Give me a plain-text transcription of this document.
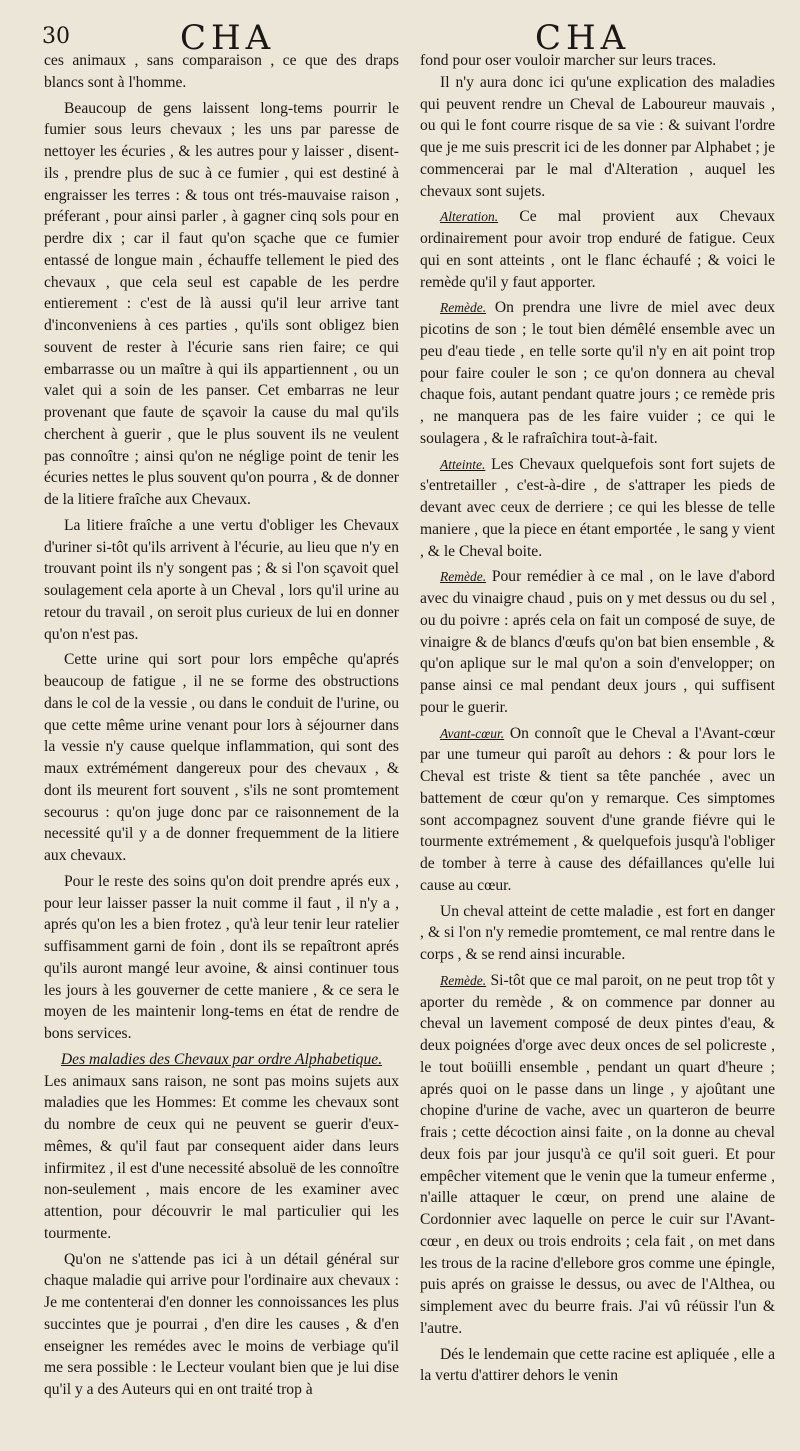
30	CHA	CHA

ces animaux , sans comparaison , ce que des draps blancs sont à l'homme.

Beaucoup de gens laissent long-tems pourrir le fumier sous leurs chevaux ; les uns par paresse de nettoyer les écuries , & les autres pour y laisser , disent-ils , prendre plus de suc à ce fumier , qui est destiné à engraisser les terres : & tous ont trés-mauvaise raison , préferant , pour ainsi parler , à gagner cinq sols pour en perdre dix ; car il faut qu'on sçache que ce fumier entassé de longue main , échauffe tellement le pied des chevaux , que cela seul est capable de les perdre entierement : c'est de là aussi qu'il leur arrive tant d'inconveniens à ces parties , qu'ils sont obligez bien souvent de rester à l'écurie sans rien faire; ce qui embarrasse ou un maître à qui ils appartiennent , ou un valet qui a soin de les panser. Cet embarras ne leur provenant que faute de sçavoir la cause du mal qu'ils cherchent à guerir , que le plus souvent ils ne veulent pas connoître ; ainsi qu'on ne néglige point de tenir les écuries nettes le plus souvent qu'on pourra , & de donner de la litiere fraîche aux Chevaux.

La litiere fraîche a une vertu d'obliger les Chevaux d'uriner si-tôt qu'ils arrivent à l'écurie, au lieu que n'y en trouvant point ils n'y songent pas ; & si l'on sçavoit quel soulagement cela aporte à un Cheval , lors qu'il urine au retour du travail , on seroit plus curieux de lui en donner qu'on n'est pas.

Cette urine qui sort pour lors empêche qu'aprés beaucoup de fatigue , il ne se forme des obstructions dans le col de la vessie , ou dans le conduit de l'urine, ou que cette même urine venant pour lors à séjourner dans la vessie n'y cause quelque inflammation, qui sont des maux extrémément dangereux pour des chevaux , & dont ils meurent fort souvent , s'ils ne sont promtement secourus : qu'on juge donc par ce raisonnement de la necessité qu'il y a de donner frequemment de la litiere aux chevaux.

Pour le reste des soins qu'on doit prendre aprés eux , pour leur laisser passer la nuit comme il faut , il n'y a , aprés qu'on les a bien frotez , qu'à leur tenir leur ratelier suffisamment garni de foin , dont ils se repaîtront aprés qu'ils auront mangé leur avoine, & ainsi continuer tous les jours à les gouverner de cette maniere , & ce sera le moyen de les maintenir long-tems en état de rendre de bons services.

Des maladies des Chevaux par ordre Alphabetique.

Les animaux sans raison, ne sont pas moins sujets aux maladies que les Hommes: Et comme les chevaux sont du nombre de ceux qui ne peuvent se guerir d'eux-mêmes, & qu'il faut par consequent aider dans leurs infirmitez , il est d'une necessité absoluë de les connoître non-seulement , mais encore de les examiner avec attention, pour découvrir le mal particulier qui les tourmente.

Qu'on ne s'attende pas ici à un détail général sur chaque maladie qui arrive pour l'ordinaire aux chevaux : Je me contenterai d'en donner les connoissances les plus succintes que je pourrai , d'en dire les causes , & d'en enseigner les remédes avec le moins de verbiage qu'il me sera possible : le Lecteur voulant bien que je lui dise qu'il y a des Auteurs qui en ont traité trop à

fond pour oser vouloir marcher sur leurs traces.

Il n'y aura donc ici qu'une explication des maladies qui peuvent rendre un Cheval de Laboureur mauvais , ou qui le font courre risque de sa vie : & suivant l'ordre que je me suis prescrit ici de les donner par Alphabet ; je commencerai par le mal d'Alteration , auquel les chevaux sont sujets.

Alteration. Ce mal provient aux Chevaux ordinairement pour avoir trop enduré de fatigue. Ceux qui en sont atteints , ont le flanc échaufé ; & voici le remède qu'il y faut apporter.

Remède. On prendra une livre de miel avec deux picotins de son ; le tout bien démêlé ensemble avec un peu d'eau tiede , en telle sorte qu'il n'y en ait point trop pour faire couler le son ; ce qu'on donnera au cheval chaque fois, autant pendant quatre jours ; ce remède pris , ne manquera pas de les faire vuider ; ce qui le soulagera , & le rafraîchira tout-à-fait.

Atteinte. Les Chevaux quelquefois sont fort sujets de s'entretailler , c'est-à-dire , de s'attraper les pieds de devant avec ceux de derriere ; ce qui les blesse de telle maniere , que la piece en étant emportée , le sang y vient , & le Cheval boite.

Remède. Pour remédier à ce mal , on le lave d'abord avec du vinaigre chaud , puis on y met dessus ou du sel , ou du poivre : aprés cela on fait un composé de suye, de vinaigre & de blancs d'œufs qu'on bat bien ensemble , & qu'on aplique sur le mal qu'on a soin d'envelopper; on panse ainsi ce mal pendant deux jours , qui suffisent pour le guerir.

Avant-cœur. On connoît que le Cheval a l'Avant-cœur par une tumeur qui paroît au dehors : & pour lors le Cheval est triste & tient sa tête panchée , avec un battement de cœur qu'on y remarque. Ces simptomes sont accompagnez souvent d'une grande fiévre qui le tourmente extrémement , & quelquefois jusqu'à l'obliger de tomber à terre à cause des défaillances qu'elle lui cause au cœur.

Un cheval atteint de cette maladie , est fort en danger , & si l'on n'y remedie promtement, ce mal rentre dans le corps , & se rend ainsi incurable.

Remède. Si-tôt que ce mal paroit, on ne peut trop tôt y aporter du remède , & on commence par donner au cheval un lavement composé de deux pintes d'eau, & deux poignées d'orge avec deux onces de sel policreste , le tout boüilli ensemble , pendant un quart d'heure ; aprés quoi on le passe dans un linge , y ajoûtant une chopine d'urine de vache, avec un quarteron de beurre frais ; cette décoction ainsi faite , on la donne au cheval deux fois par jour jusqu'à ce qu'il soit gueri. Et pour empêcher vitement que le venin que la tumeur enferme , n'aille attaquer le cœur, on prend une alaine de Cordonnier avec laquelle on perce le cuir sur l'Avant-cœur , en deux ou trois endroits ; cela fait , on met dans les trous de la racine d'ellebore gros comme une épingle, puis aprés on graisse le dessus, ou avec de l'Althea, ou simplement avec du beurre frais. J'ai vû réüssir l'un & l'autre.

Dés le lendemain que cette racine est apliquée , elle a la vertu d'attirer dehors le venin
